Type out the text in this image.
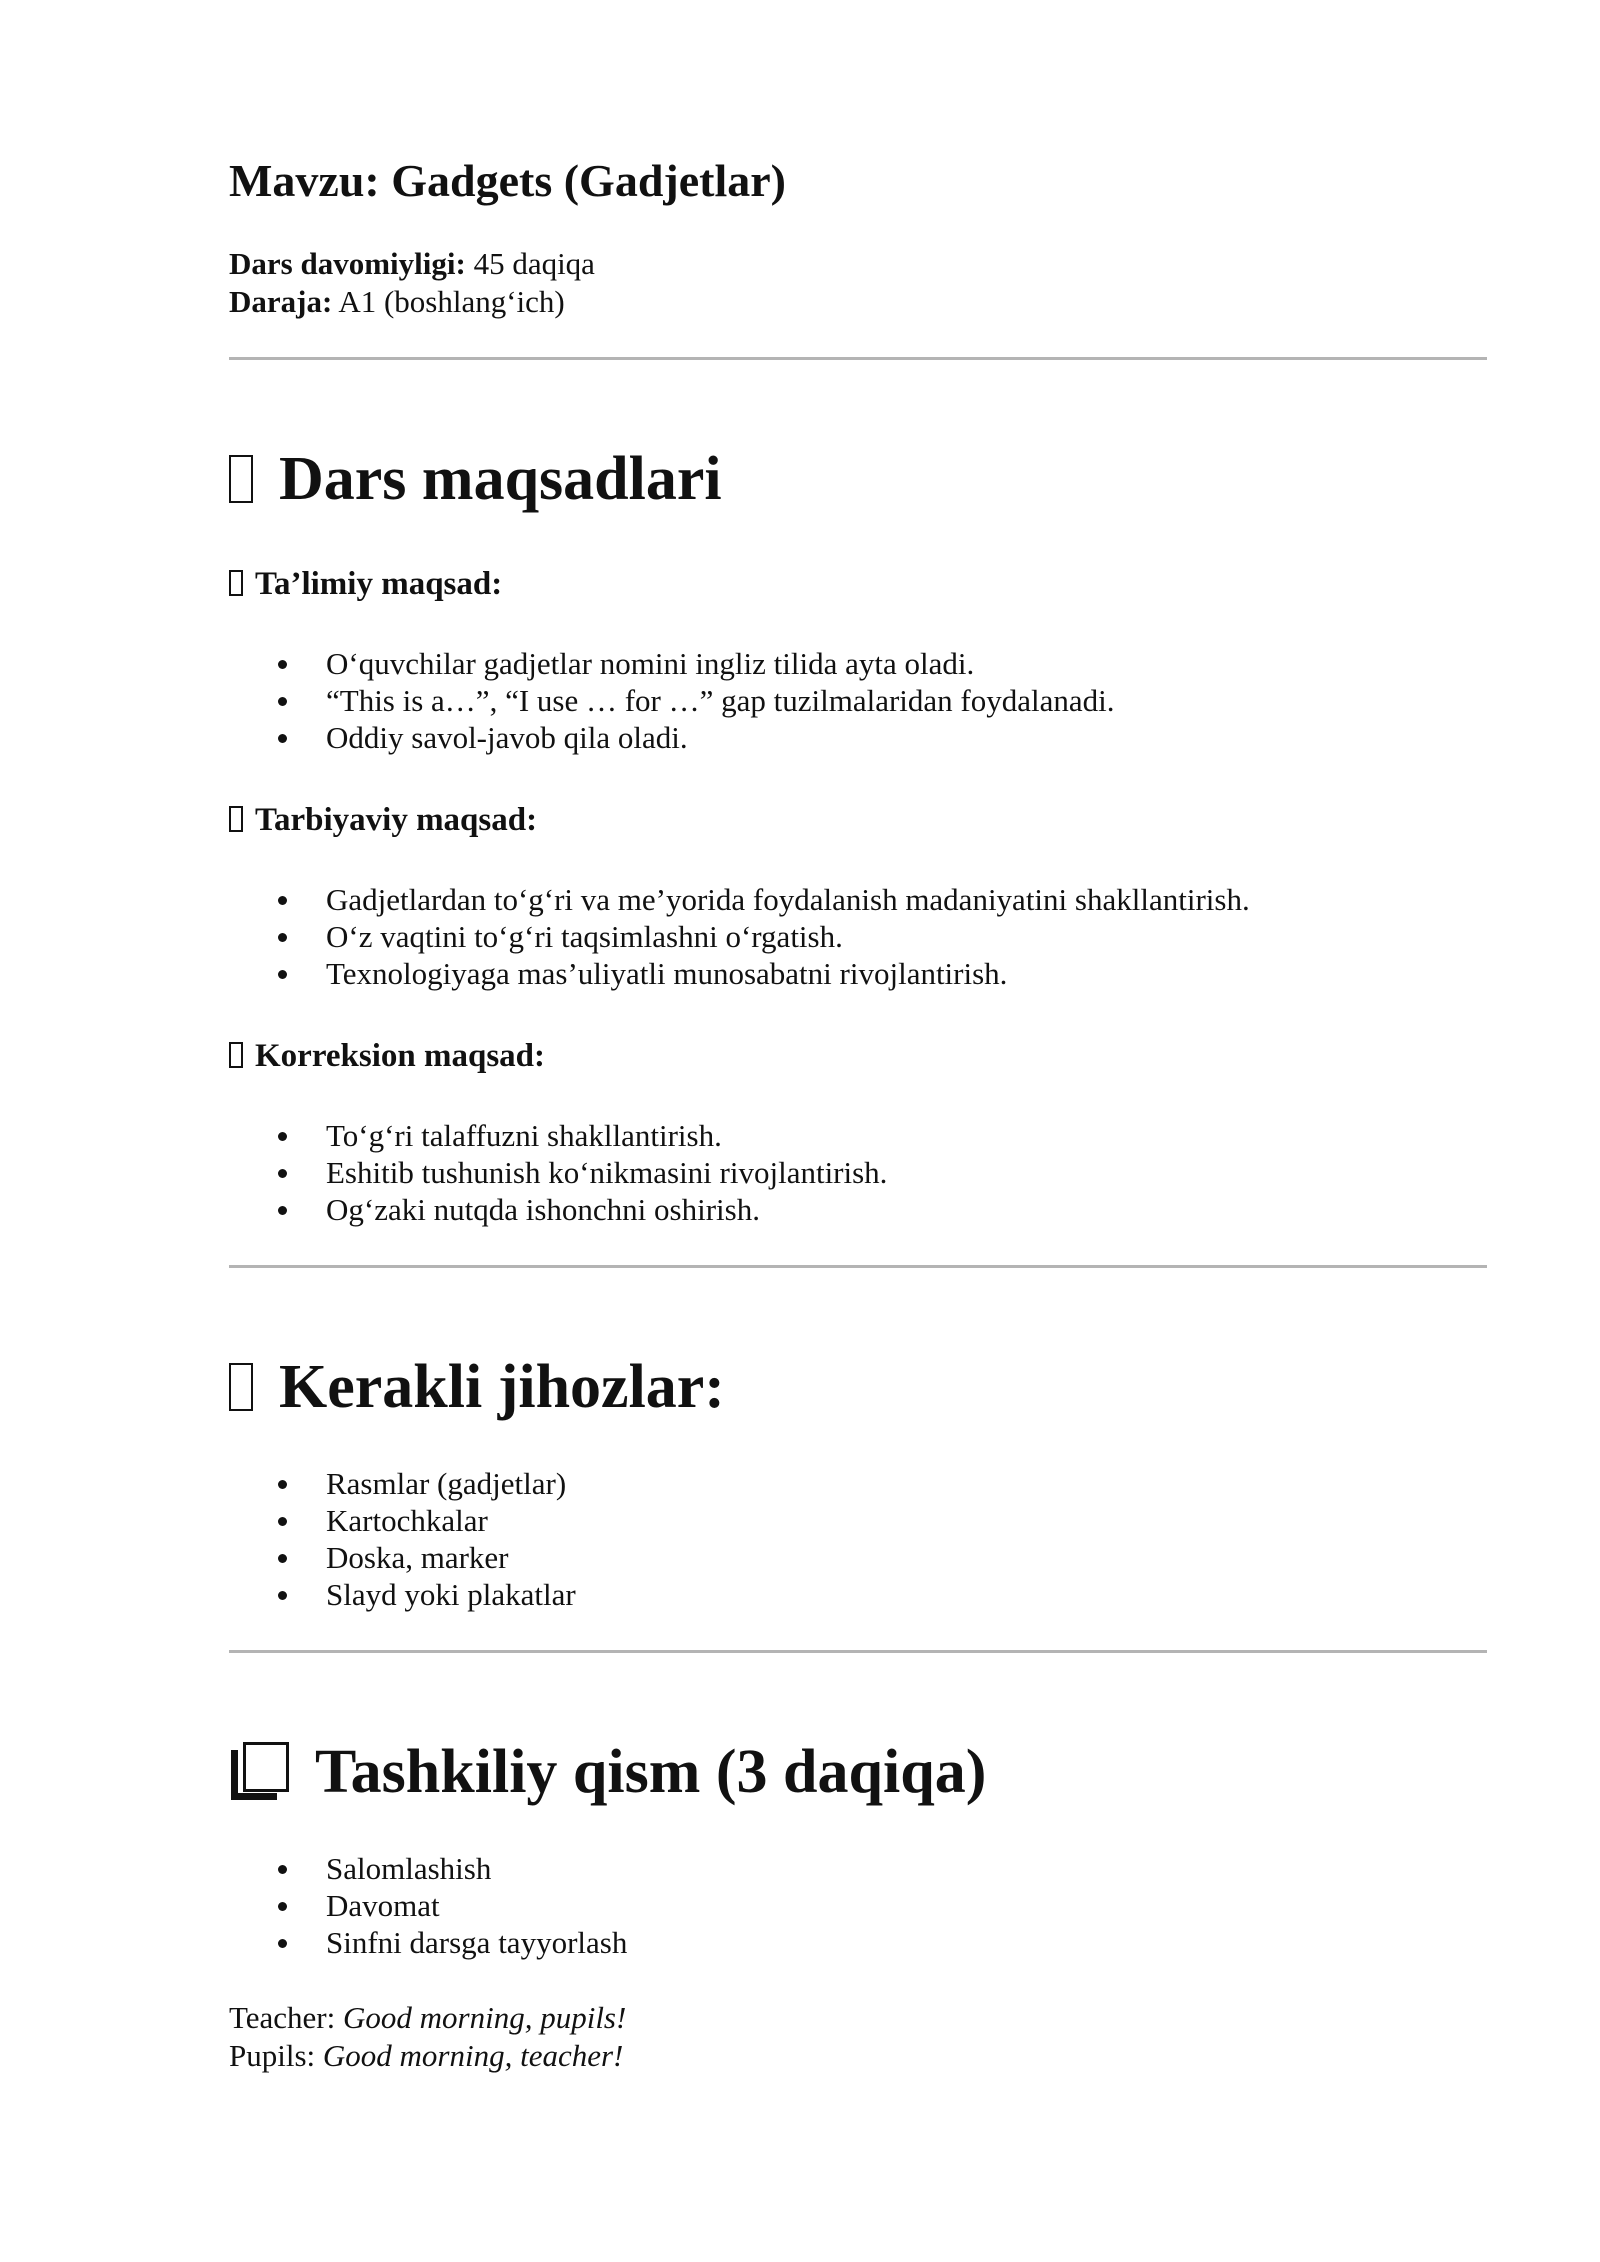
Mavzu: Gadgets (Gadjetlar)
Dars davomiyligi: 45 daqiqa
Daraja: A1 (boshlang‘ich)
Dars maqsadlari
Ta’limiy maqsad:
O‘quvchilar gadjetlar nomini ingliz tilida ayta oladi.
“This is a…”, “I use … for …” gap tuzilmalaridan foydalanadi.
Oddiy savol-javob qila oladi.
Tarbiyaviy maqsad:
Gadjetlardan to‘g‘ri va me’yorida foydalanish madaniyatini shakllantirish.
O‘z vaqtini to‘g‘ri taqsimlashni o‘rgatish.
Texnologiyaga mas’uliyatli munosabatni rivojlantirish.
Korreksion maqsad:
To‘g‘ri talaffuzni shakllantirish.
Eshitib tushunish ko‘nikmasini rivojlantirish.
Og‘zaki nutqda ishonchni oshirish.
Kerakli jihozlar:
Rasmlar (gadjetlar)
Kartochkalar
Doska, marker
Slayd yoki plakatlar
Tashkiliy qism (3 daqiqa)
Salomlashish
Davomat
Sinfni darsga tayyorlash
Teacher: Good morning, pupils!
Pupils: Good morning, teacher!
